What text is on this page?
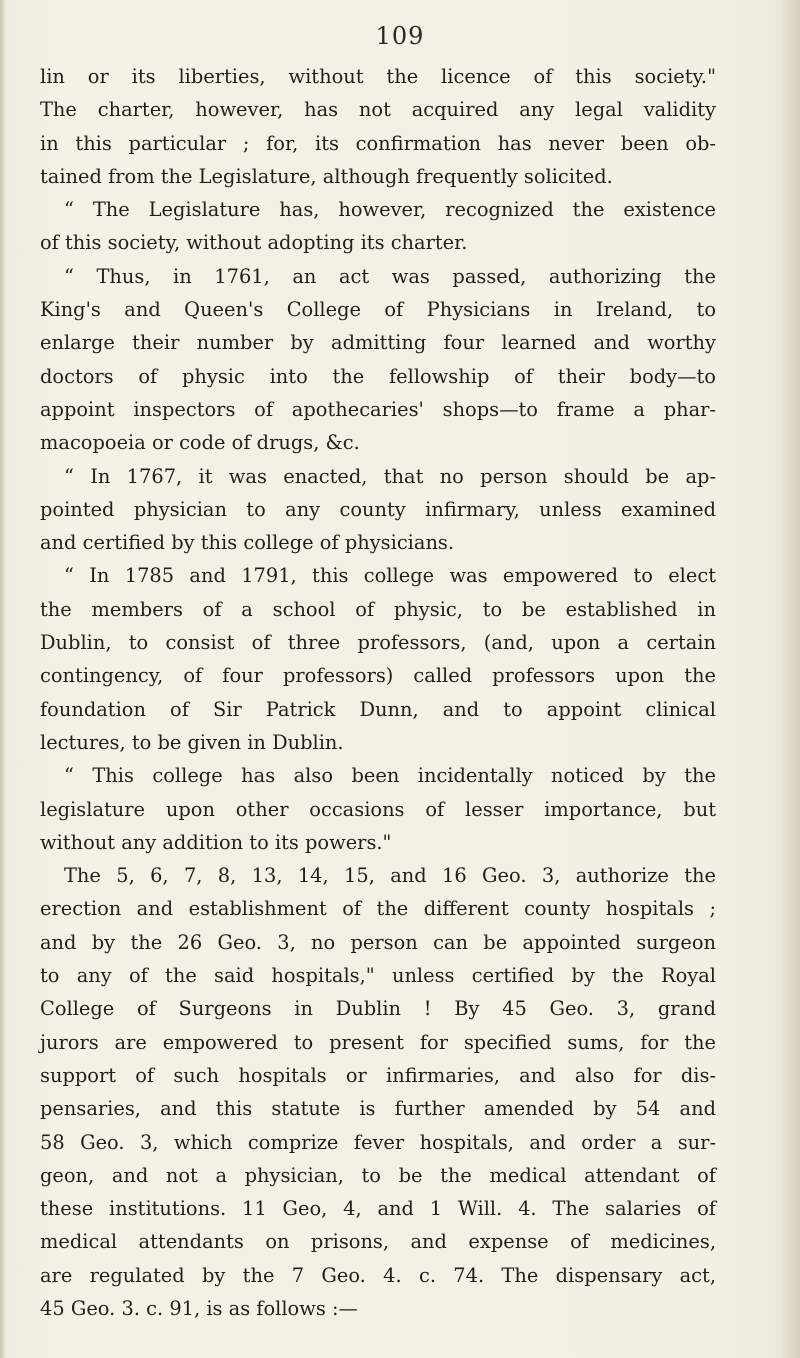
109
lin or its liberties, without the licence of this society."
The charter, however, has not acquired any legal validity
in this particular ; for, its confirmation has never been ob-
tained from the Legislature, although frequently solicited.
“ The Legislature has, however, recognized the existence
of this society, without adopting its charter.
“ Thus, in 1761, an act was passed, authorizing the
King's and Queen's College of Physicians in Ireland, to
enlarge their number by admitting four learned and worthy
doctors of physic into the fellowship of their body—to
appoint inspectors of apothecaries' shops—to frame a phar-
macopoeia or code of drugs, &c.
“ In 1767, it was enacted, that no person should be ap-
pointed physician to any county infirmary, unless examined
and certified by this college of physicians.
“ In 1785 and 1791, this college was empowered to elect
the members of a school of physic, to be established in
Dublin, to consist of three professors, (and, upon a certain
contingency, of four professors) called professors upon the
foundation of Sir Patrick Dunn, and to appoint clinical
lectures, to be given in Dublin.
“ This college has also been incidentally noticed by the
legislature upon other occasions of lesser importance, but
without any addition to its powers."
The 5, 6, 7, 8, 13, 14, 15, and 16 Geo. 3, authorize the
erection and establishment of the different county hospitals ;
and by the 26 Geo. 3, no person can be appointed surgeon
to any of the said hospitals," unless certified by the Royal
College of Surgeons in Dublin ! By 45 Geo. 3, grand
jurors are empowered to present for specified sums, for the
support of such hospitals or infirmaries, and also for dis-
pensaries, and this statute is further amended by 54 and
58 Geo. 3, which comprize fever hospitals, and order a sur-
geon, and not a physician, to be the medical attendant of
these institutions. 11 Geo, 4, and 1 Will. 4. The salaries of
medical attendants on prisons, and expense of medicines,
are regulated by the 7 Geo. 4. c. 74. The dispensary act,
45 Geo. 3. c. 91, is as follows :—
